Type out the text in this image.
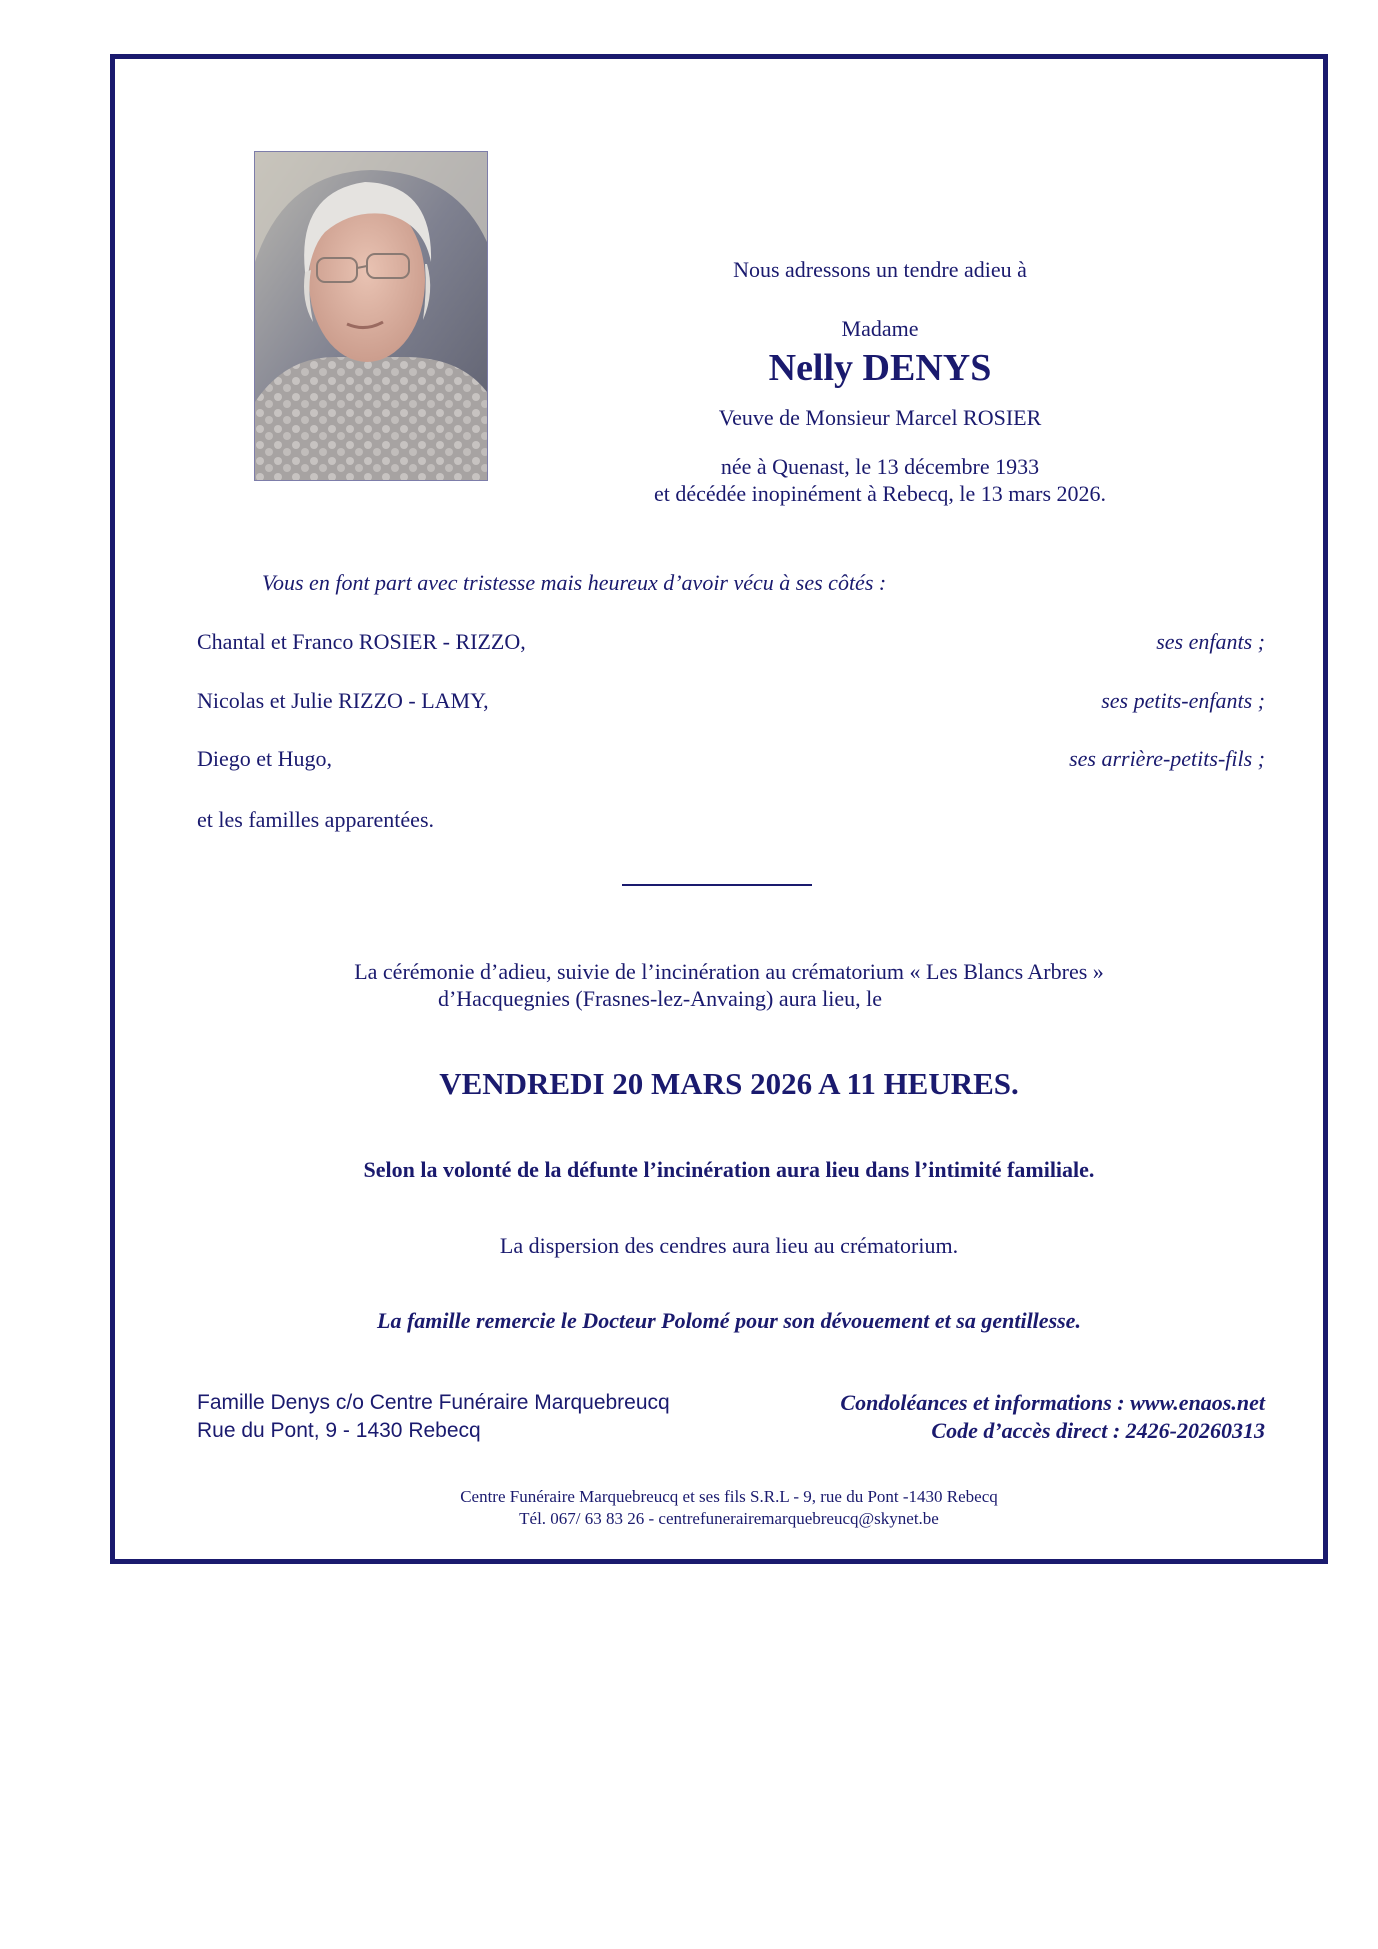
Nous adressons un tendre adieu à
Madame
Nelly DENYS
Veuve de Monsieur Marcel ROSIER
née à Quenast, le 13 décembre 1933
et décédée inopinément à Rebecq, le 13 mars 2026.
Vous en font part avec tristesse mais heureux d’avoir vécu à ses côtés :
Chantal et Franco ROSIER - RIZZO,	ses enfants ;
Nicolas et Julie RIZZO - LAMY,	ses petits-enfants ;
Diego et Hugo,	ses arrière-petits-fils ;
et les familles apparentées.
La cérémonie d’adieu, suivie de l’incinération au crématorium « Les Blancs Arbres »
d’Hacquegnies (Frasnes-lez-Anvaing) aura lieu, le
VENDREDI 20 MARS 2026 A 11 HEURES.
Selon la volonté de la défunte l’incinération aura lieu dans l’intimité familiale.
La dispersion des cendres aura lieu au crématorium.
La famille remercie le Docteur Polomé pour son dévouement et sa gentillesse.
Famille Denys c/o Centre Funéraire Marquebreucq
Rue du Pont, 9 - 1430 Rebecq
Condoléances et informations : www.enaos.net
Code d’accès direct : 2426-20260313
Centre Funéraire Marquebreucq et ses fils S.R.L - 9, rue du Pont -1430 Rebecq
Tél. 067/ 63 83 26 - centrefunerairemarquebreucq@skynet.be
